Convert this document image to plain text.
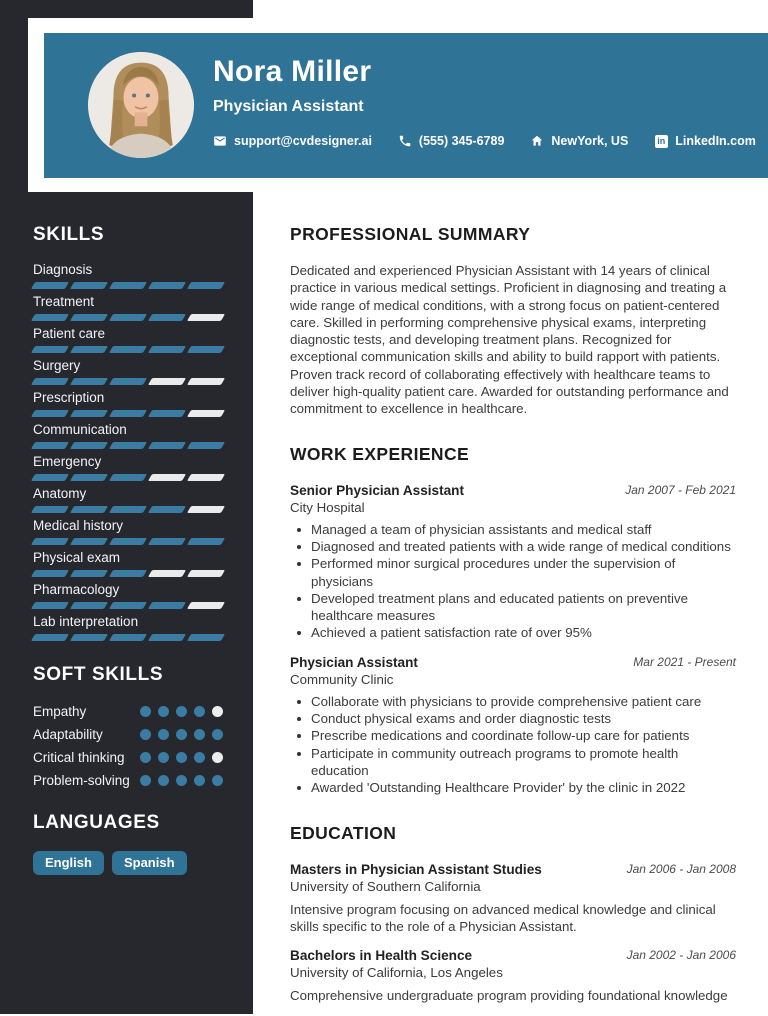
Nora Miller
Physician Assistant
support@cvdesigner.ai	(555) 345-6789	NewYork, US	in LinkedIn.com
SKILLS
Diagnosis
Treatment
Patient care
Surgery
Prescription
Communication
Emergency
Anatomy
Medical history
Physical exam
Pharmacology
Lab interpretation
SOFT SKILLS
Empathy
Adaptability
Critical thinking
Problem-solving
LANGUAGES
English	Spanish
PROFESSIONAL SUMMARY

Dedicated and experienced Physician Assistant with 14 years of clinical practice in various medical settings. Proficient in diagnosing and treating a wide range of medical conditions, with a strong focus on patient-centered care. Skilled in performing comprehensive physical exams, interpreting diagnostic tests, and developing treatment plans. Recognized for exceptional communication skills and ability to build rapport with patients. Proven track record of collaborating effectively with healthcare teams to deliver high-quality patient care. Awarded for outstanding performance and commitment to excellence in healthcare.

WORK EXPERIENCE
Senior Physician Assistant
City Hospital
Jan 2007 - Feb 2021
Managed a team of physician assistants and medical staff
Diagnosed and treated patients with a wide range of medical conditions
Performed minor surgical procedures under the supervision of physicians
Developed treatment plans and educated patients on preventive healthcare measures
Achieved a patient satisfaction rate of over 95%
Physician Assistant
Community Clinic
Mar 2021 - Present
Collaborate with physicians to provide comprehensive patient care
Conduct physical exams and order diagnostic tests
Prescribe medications and coordinate follow-up care for patients
Participate in community outreach programs to promote health education
Awarded 'Outstanding Healthcare Provider' by the clinic in 2022
EDUCATION
Masters in Physician Assistant Studies
University of Southern California
Jan 2006 - Jan 2008

Intensive program focusing on advanced medical knowledge and clinical skills specific to the role of a Physician Assistant.

Bachelors in Health Science
University of California, Los Angeles
Jan 2002 - Jan 2006

Comprehensive undergraduate program providing foundational knowledge
